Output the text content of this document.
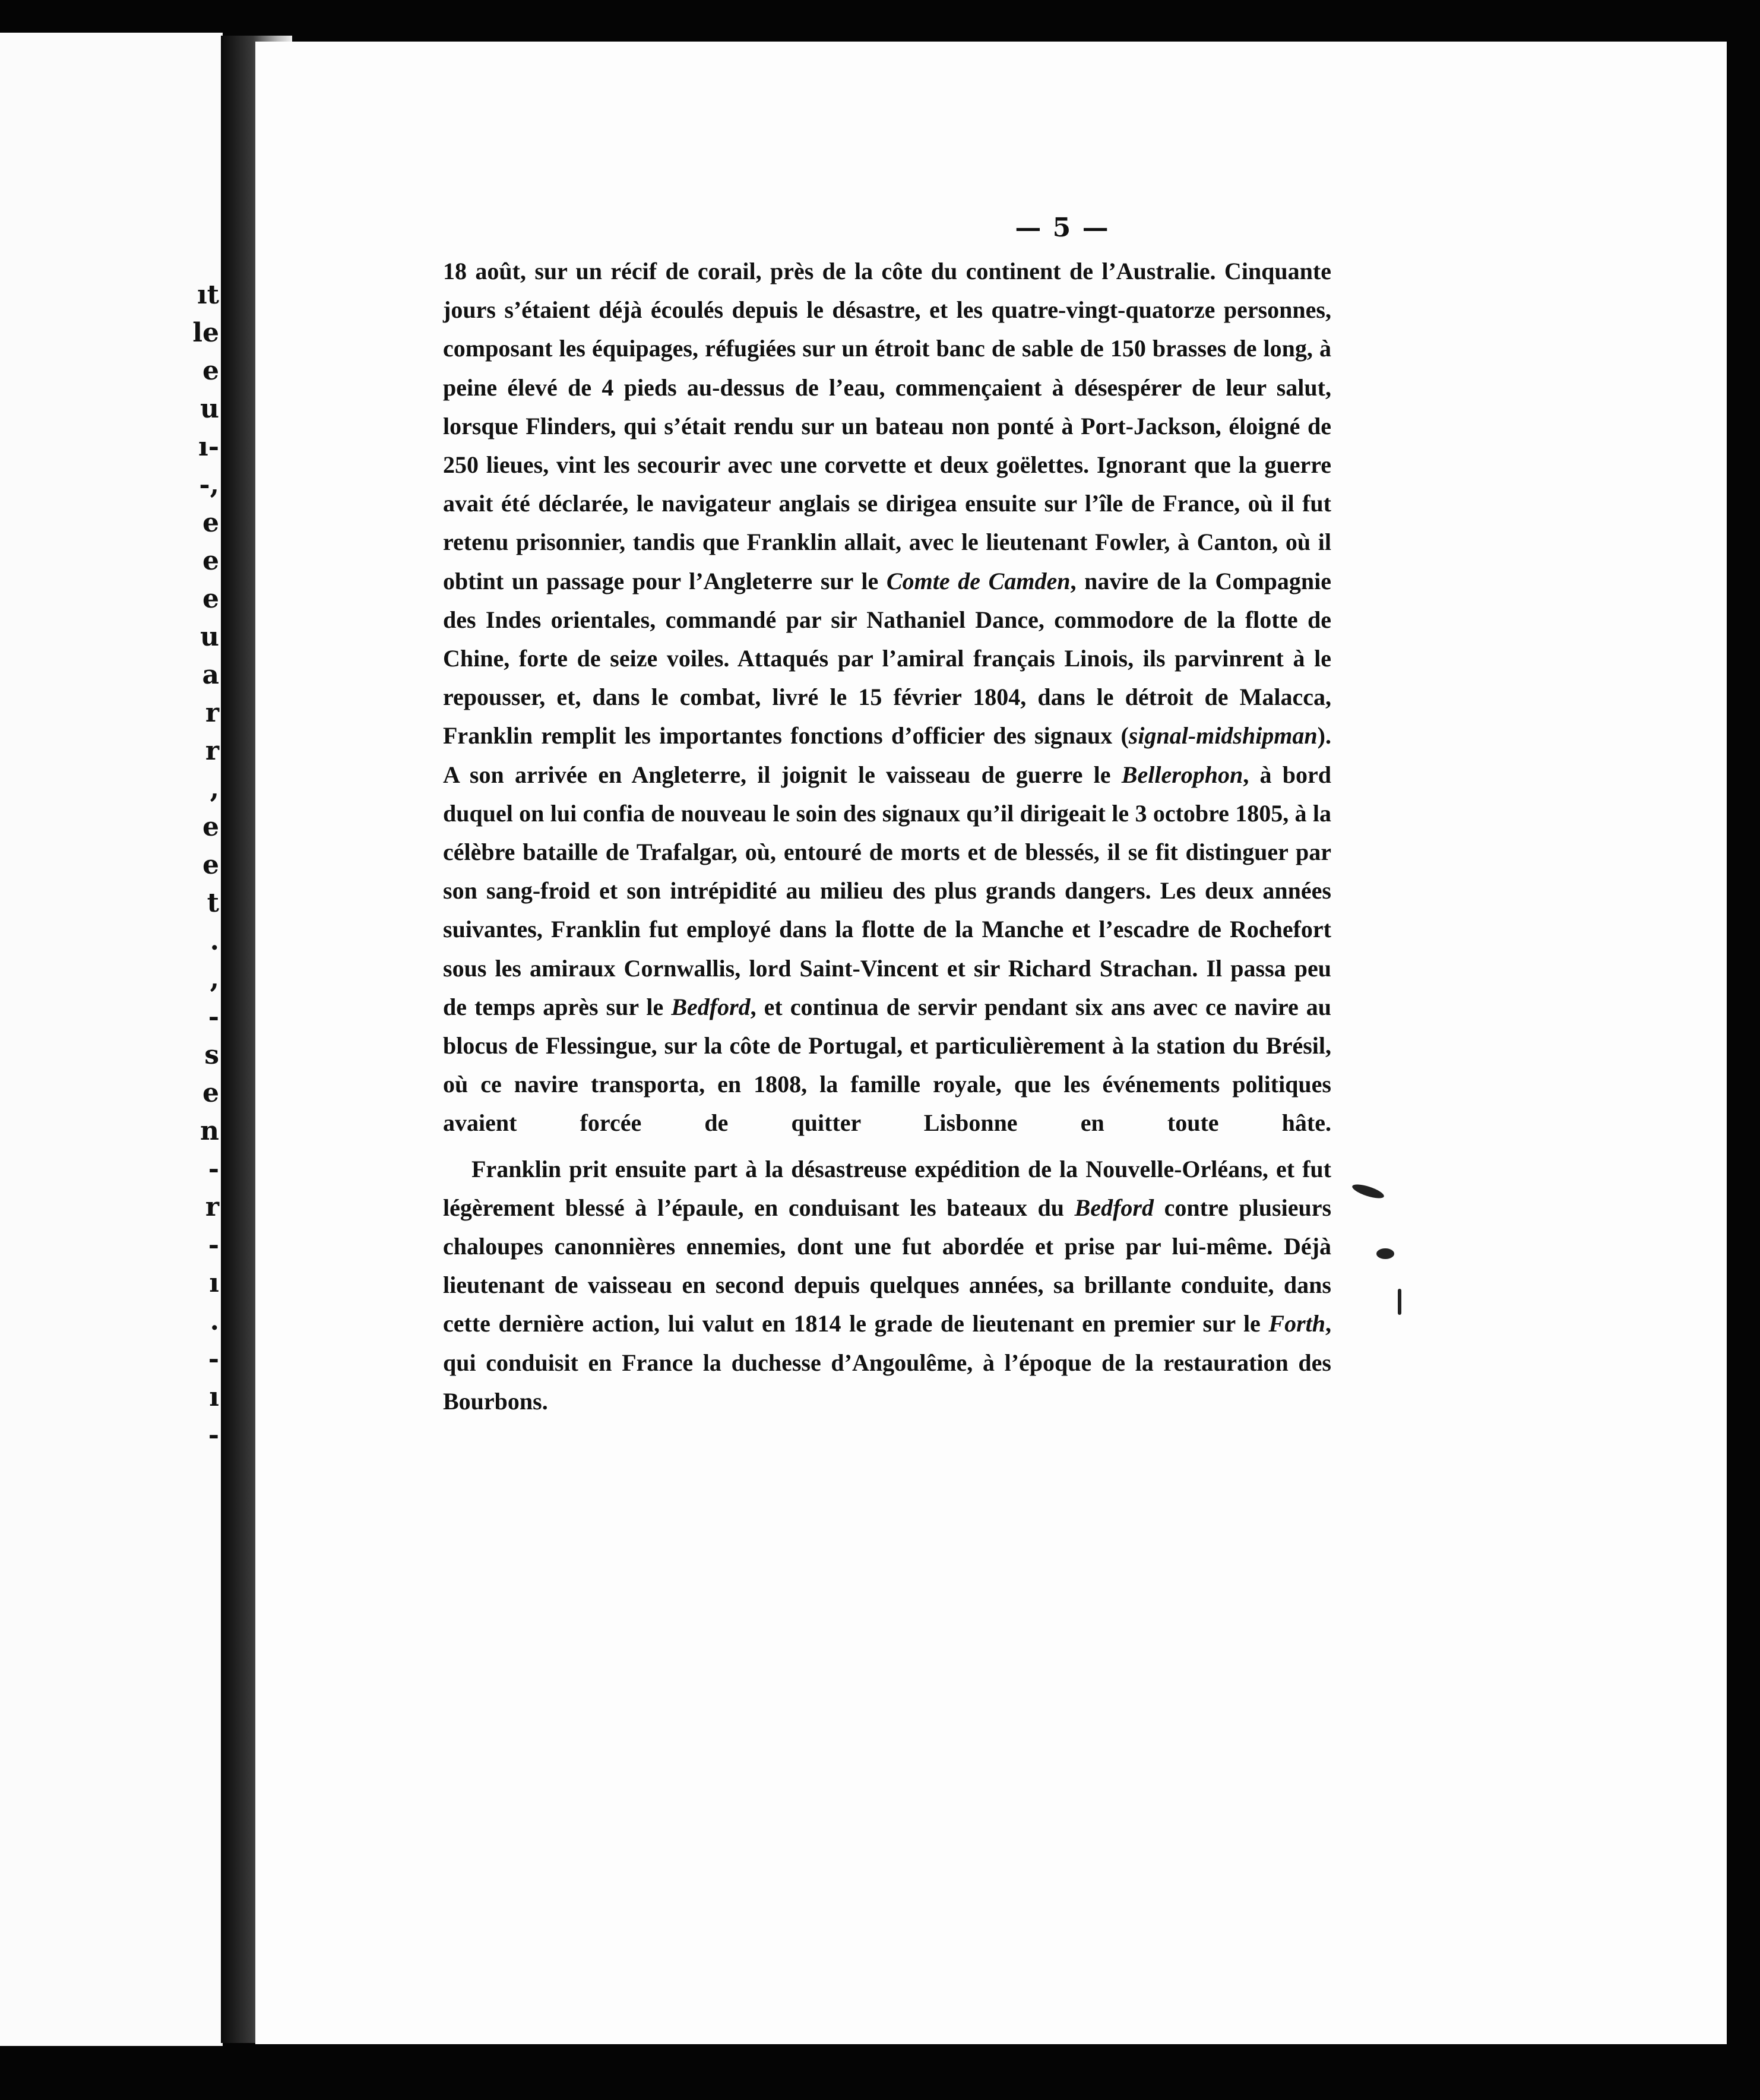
ıt
le
e
u
ı-
-,
e
e
e
u
a
r
r
,
e
e
t
.
,
-
s
e
n
-
r
-
ı
.
-
ı
-
— 5 —

18 août, sur un récif de corail, près de la côte du continent de l’Australie. Cinquante jours s’étaient déjà écoulés depuis le désastre, et les quatre-vingt-quatorze personnes, composant les équipages, réfugiées sur un étroit banc de sable de 150 brasses de long, à peine élevé de 4 pieds au-dessus de l’eau, commençaient à désespérer de leur salut, lorsque Flinders, qui s’était rendu sur un bateau non ponté à Port-Jackson, éloigné de 250 lieues, vint les secourir avec une corvette et deux goëlettes. Ignorant que la guerre avait été déclarée, le navigateur anglais se dirigea ensuite sur l’île de France, où il fut retenu prisonnier, tandis que Franklin allait, avec le lieutenant Fowler, à Canton, où il obtint un passage pour l’Angleterre sur le Comte de Camden, navire de la Compagnie des Indes orientales, commandé par sir Nathaniel Dance, commodore de la flotte de Chine, forte de seize voiles. Attaqués par l’amiral français Linois, ils parvinrent à le repousser, et, dans le combat, livré le 15 février 1804, dans le détroit de Malacca, Franklin remplit les importantes fonctions d’officier des signaux (signal-midshipman). A son arrivée en Angleterre, il joignit le vaisseau de guerre le Bellerophon, à bord duquel on lui confia de nouveau le soin des signaux qu’il dirigeait le 3 octobre 1805, à la célèbre bataille de Trafalgar, où, entouré de morts et de blessés, il se fit distinguer par son sang-froid et son intrépidité au milieu des plus grands dangers. Les deux années suivantes, Franklin fut employé dans la flotte de la Manche et l’escadre de Rochefort sous les amiraux Cornwallis, lord Saint-Vincent et sir Richard Strachan. Il passa peu de temps après sur le Bedford, et continua de servir pendant six ans avec ce navire au blocus de Flessingue, sur la côte de Portugal, et particulièrement à la station du Brésil, où ce navire transporta, en 1808, la famille royale, que les événements politiques avaient forcée de quitter Lisbonne en toute hâte.

Franklin prit ensuite part à la désastreuse expédition de la Nouvelle-Orléans, et fut légèrement blessé à l’épaule, en conduisant les bateaux du Bedford contre plusieurs chaloupes canonnières ennemies, dont une fut abordée et prise par lui-même. Déjà lieutenant de vaisseau en second depuis quelques années, sa brillante conduite, dans cette dernière action, lui valut en 1814 le grade de lieutenant en premier sur le Forth, qui conduisit en France la duchesse d’Angoulême, à l’époque de la restauration des Bourbons.
